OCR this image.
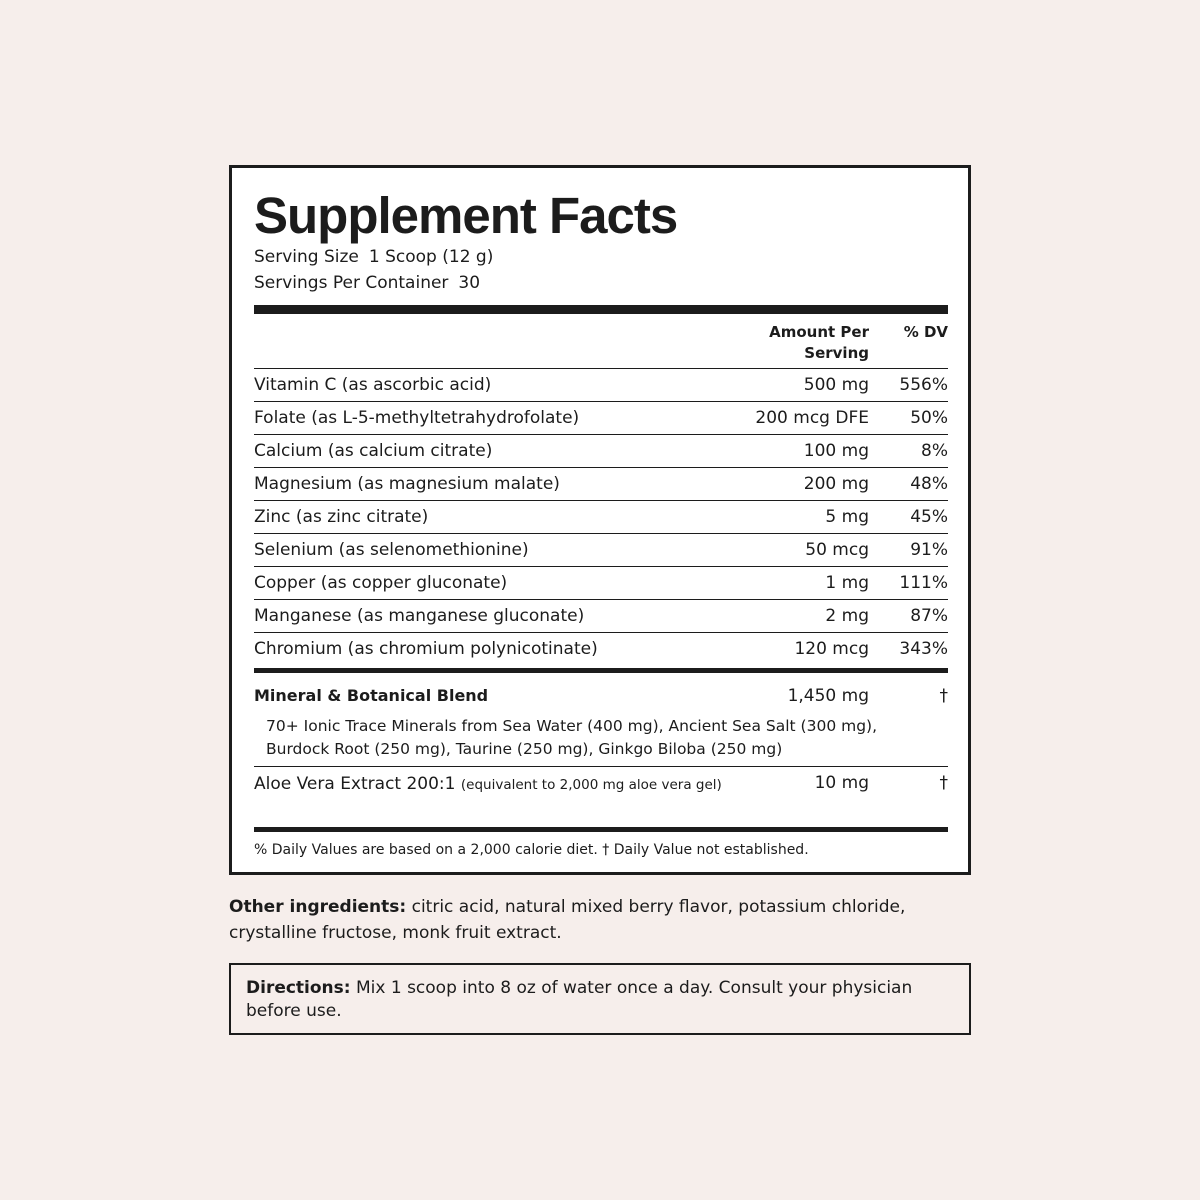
Supplement Facts
Serving Size 1 Scoop (12 g)
Servings Per Container 30
Amount Per
Serving
% DV
Vitamin C (as ascorbic acid)	500 mg 556%
Folate (as L-5-methyltetrahydrofolate)	200 mcg DFE 50%
Calcium (as calcium citrate)	100 mg	8%
Magnesium (as magnesium malate)	200 mg 48%
Zinc (as zinc citrate)	5 mg 45%
Selenium (as selenomethionine)	50 mcg 91%
Copper (as copper gluconate)	1 mg 111%
Manganese (as manganese gluconate)	2 mg 87%
Chromium (as chromium polynicotinate)	120 mcg 343%
Mineral & Botanical Blend	1,450 mg	†
70+ Ionic Trace Minerals from Sea Water (400 mg), Ancient Sea Salt (300 mg), Burdock Root (250 mg), Taurine (250 mg), Ginkgo Biloba (250 mg)
Aloe Vera Extract 200:1 (equivalent to 2,000 mg aloe vera gel)	10 mg	†
% Daily Values are based on a 2,000 calorie diet. † Daily Value not established.
Other ingredients: citric acid, natural mixed berry flavor, potassium chloride, crystalline fructose, monk fruit extract.
Directions: Mix 1 scoop into 8 oz of water once a day. Consult your physician before use.
